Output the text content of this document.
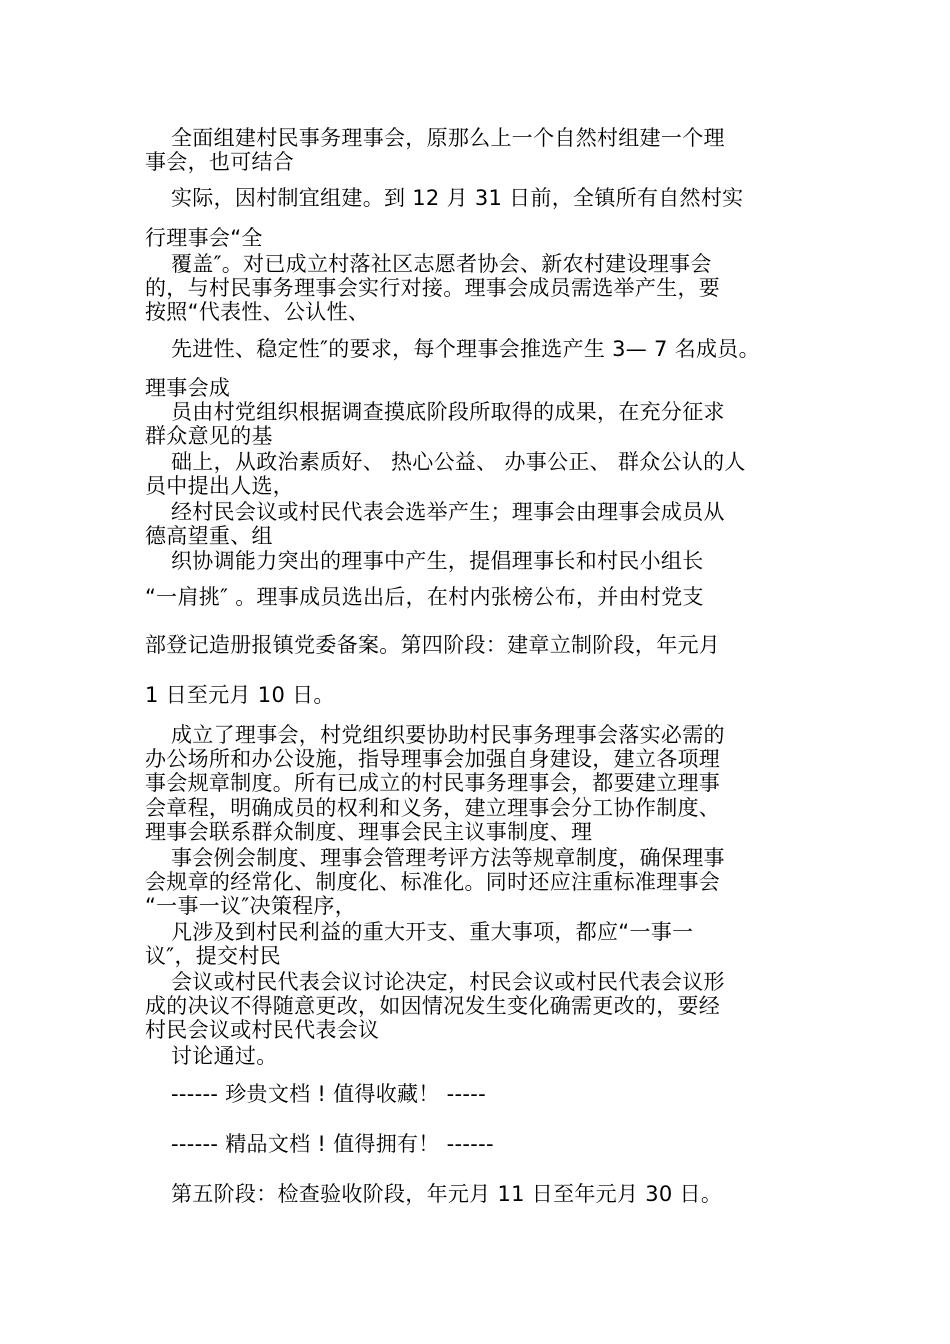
全面组建村民事务理事会，原那么上一个自然村组建一个理
事会，也可结合
实际，因村制宜组建。到 12 月 31 日前，全镇所有自然村实
行理事会“全
覆盖″。对已成立村落社区志愿者协会、新农村建设理事会
的，与村民事务理事会实行对接。理事会成员需选举产生，要
按照“代表性、公认性、
先进性、稳定性″的要求，每个理事会推选产生 3— 7 名成员。
理事会成
员由村党组织根据调查摸底阶段所取得的成果，在充分征求
群众意见的基
础上，从政治素质好、 热心公益、 办事公正、 群众公认的人
员中提出人选，
经村民会议或村民代表会选举产生；理事会由理事会成员从
德高望重、组
织协调能力突出的理事中产生，提倡理事长和村民小组长
“一肩挑″ 。理事成员选出后，在村内张榜公布，并由村党支
部登记造册报镇党委备案。第四阶段：建章立制阶段，年元月
1 日至元月 10 日。
成立了理事会，村党组织要协助村民事务理事会落实必需的
办公场所和办公设施，指导理事会加强自身建设，建立各项理
事会规章制度。所有已成立的村民事务理事会，都要建立理事
会章程，明确成员的权利和义务，建立理事会分工协作制度、
理事会联系群众制度、理事会民主议事制度、理
事会例会制度、理事会管理考评方法等规章制度，确保理事
会规章的经常化、制度化、标准化。同时还应注重标准理事会
“一事一议″决策程序，
凡涉及到村民利益的重大开支、重大事项，都应“一事一
议″，提交村民
会议或村民代表会议讨论决定，村民会议或村民代表会议形
成的决议不得随意更改，如因情况发生变化确需更改的，要经
村民会议或村民代表会议
讨论通过。
------ 珍贵文档 ! 值得收藏！ -----
------ 精品文档 ! 值得拥有！ ------
第五阶段：检查验收阶段，年元月 11 日至年元月 30 日。
